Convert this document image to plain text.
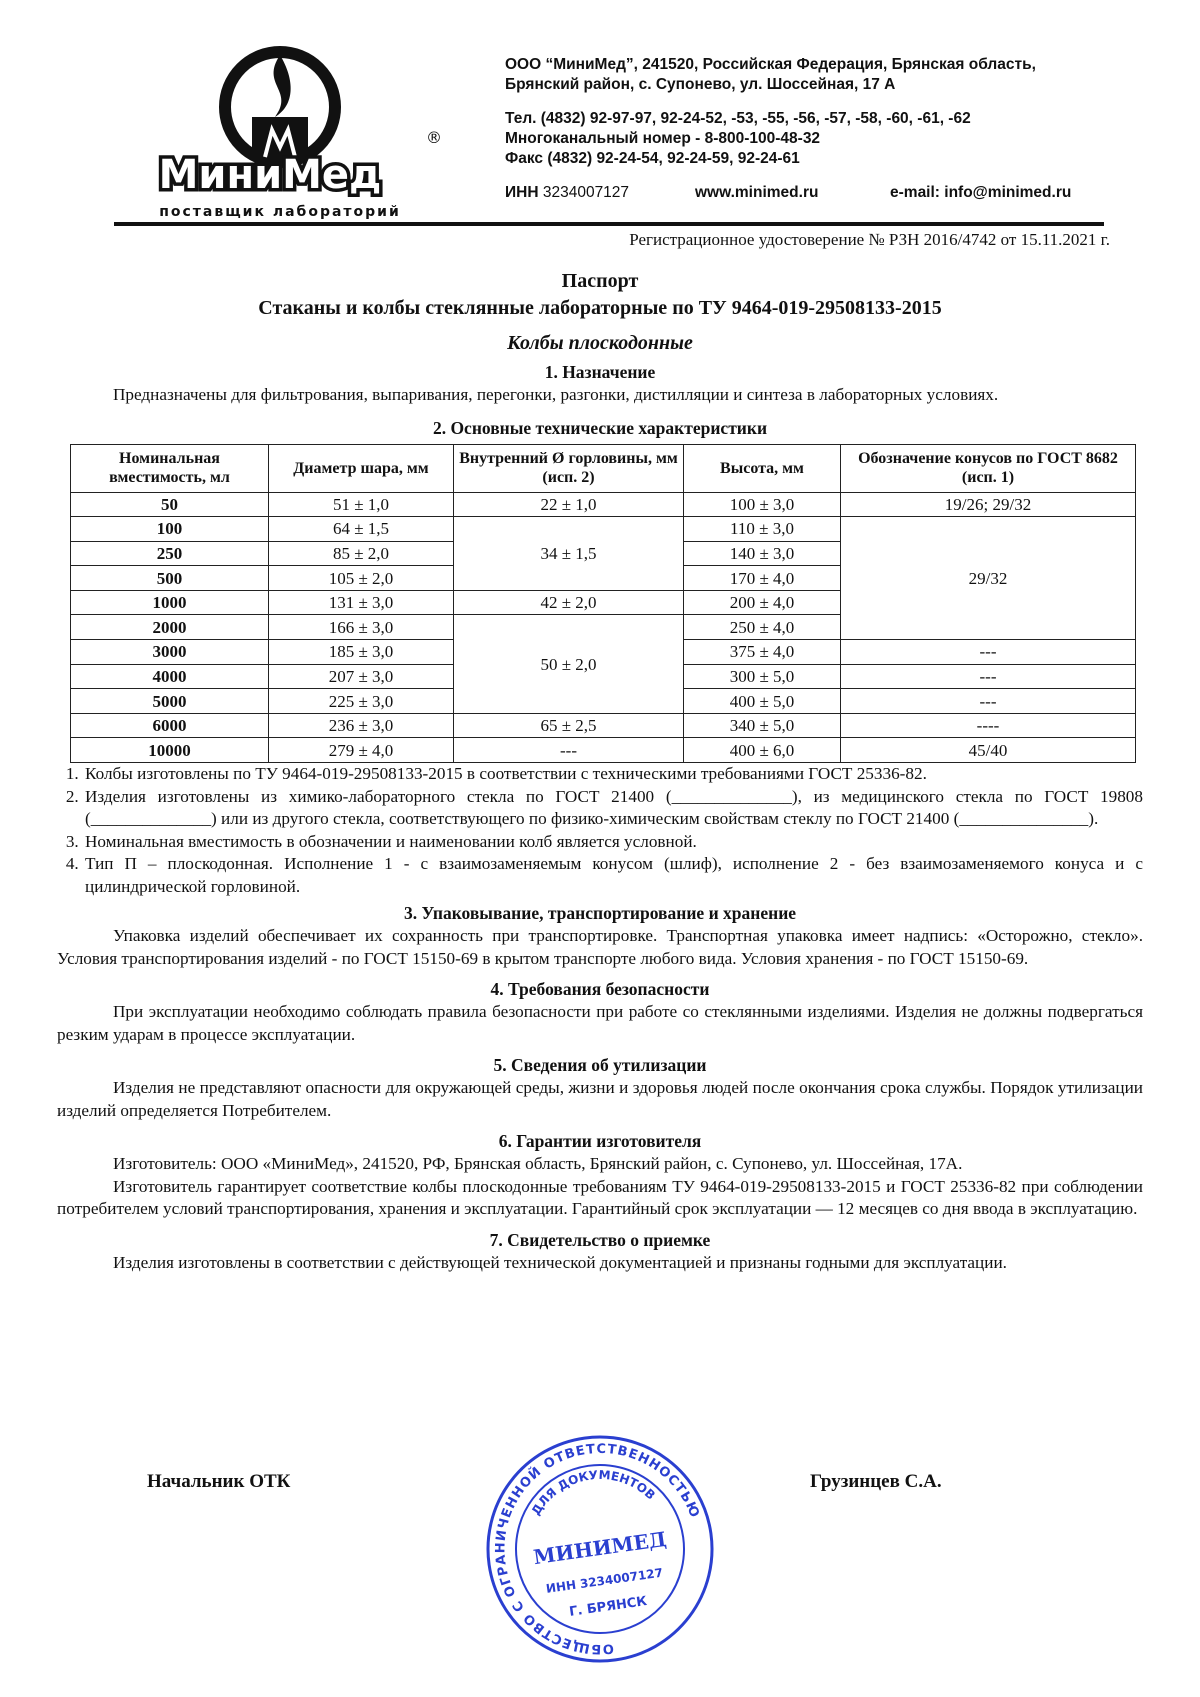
МиниМед
®
поставщик лабораторий

ООО “МиниМед”, 241520, Российская Федерация, Брянская область,

Брянский район, с. Супонево, ул. Шоссейная, 17 А

Тел. (4832) 92-97-97, 92-24-52, -53, -55, -56, -57, -58, -60, -61, -62

Многоканальный номер - 8-800-100-48-32

Факс (4832) 92-24-54, 92-24-59, 92-24-61

ИНН 3234007127	www.minimed.ru	e-mail: info@minimed.ru
Регистрационное удостоверение № РЗН 2016/4742 от 15.11.2021 г.
Паспорт
Стаканы и колбы стеклянные лабораторные по ТУ 9464-019-29508133-2015
Колбы плоскодонные
1. Назначение

Предназначены для фильтрования, выпаривания, перегонки, разгонки, дистилляции и синтеза в лабораторных условиях.

2. Основные технические характеристики
Номинальная вместимость, мл	Диаметр шара, мм	Внутренний Ø горловины, мм (исп. 2)	Высота, мм	Обозначение конусов по ГОСТ 8682 (исп. 1)
50	51 ± 1,0	22 ± 1,0	100 ± 3,0	19/26; 29/32
100	64 ± 1,5	34 ± 1,5	110 ± 3,0	29/32
250	85 ± 2,0		140 ± 3,0	
500	105 ± 2,0		170 ± 4,0	
1000	131 ± 3,0	42 ± 2,0	200 ± 4,0	
2000	166 ± 3,0	50 ± 2,0	250 ± 4,0	
3000	185 ± 3,0		375 ± 4,0	---
4000	207 ± 3,0		300 ± 5,0	---
5000	225 ± 3,0		400 ± 5,0	---
6000	236 ± 3,0	65 ± 2,5	340 ± 5,0	----
10000	279 ± 4,0	---	400 ± 6,0	45/40
1. Колбы изготовлены по ТУ 9464-019-29508133-2015 в соответствии с техническими требованиями ГОСТ 25336-82.
2. Изделия изготовлены из химико-лабораторного стекла по ГОСТ 21400 (______________), из медицинского стекла по ГОСТ 19808 (______________) или из другого стекла, соответствующего по физико-химическим свойствам стеклу по ГОСТ 21400 (_______________).
3. Номинальная вместимость в обозначении и наименовании колб является условной.
4. Тип П – плоскодонная. Исполнение 1 - с взаимозаменяемым конусом (шлиф), исполнение 2 - без взаимозаменяемого конуса и с цилиндрической горловиной.
3. Упаковывание, транспортирование и хранение

Упаковка изделий обеспечивает их сохранность при транспортировке. Транспортная упаковка имеет надпись: «Осторожно, стекло». Условия транспортирования изделий - по ГОСТ 15150-69 в крытом транспорте любого вида. Условия хранения - по ГОСТ 15150-69.

4. Требования безопасности

При эксплуатации необходимо соблюдать правила безопасности при работе со стеклянными изделиями. Изделия не должны подвергаться резким ударам в процессе эксплуатации.

5. Сведения об утилизации

Изделия не представляют опасности для окружающей среды, жизни и здоровья людей после окончания срока службы. Порядок утилизации изделий определяется Потребителем.

6. Гарантии изготовителя

Изготовитель: ООО «МиниМед», 241520, РФ, Брянская область, Брянский район, с. Супонево, ул. Шоссейная, 17А.

Изготовитель гарантирует соответствие колбы плоскодонные требованиям ТУ 9464-019-29508133-2015 и ГОСТ 25336-82 при соблюдении потребителем условий транспортирования, хранения и эксплуатации. Гарантийный срок эксплуатации — 12 месяцев со дня ввода в эксплуатацию.

7. Свидетельство о приемке

Изделия изготовлены в соответствии с действующей технической документацией и признаны годными для эксплуатации.

Начальник ОТК	Грузинцев С.А.
ОБЩЕСТВО С ОГРАНИЧЕННОЙ ОТВЕТСТВЕННОСТЬЮ
ДЛЯ ДОКУМЕНТОВ
МИНИМЕД
ИНН 3234007127
Г. БРЯНСК
